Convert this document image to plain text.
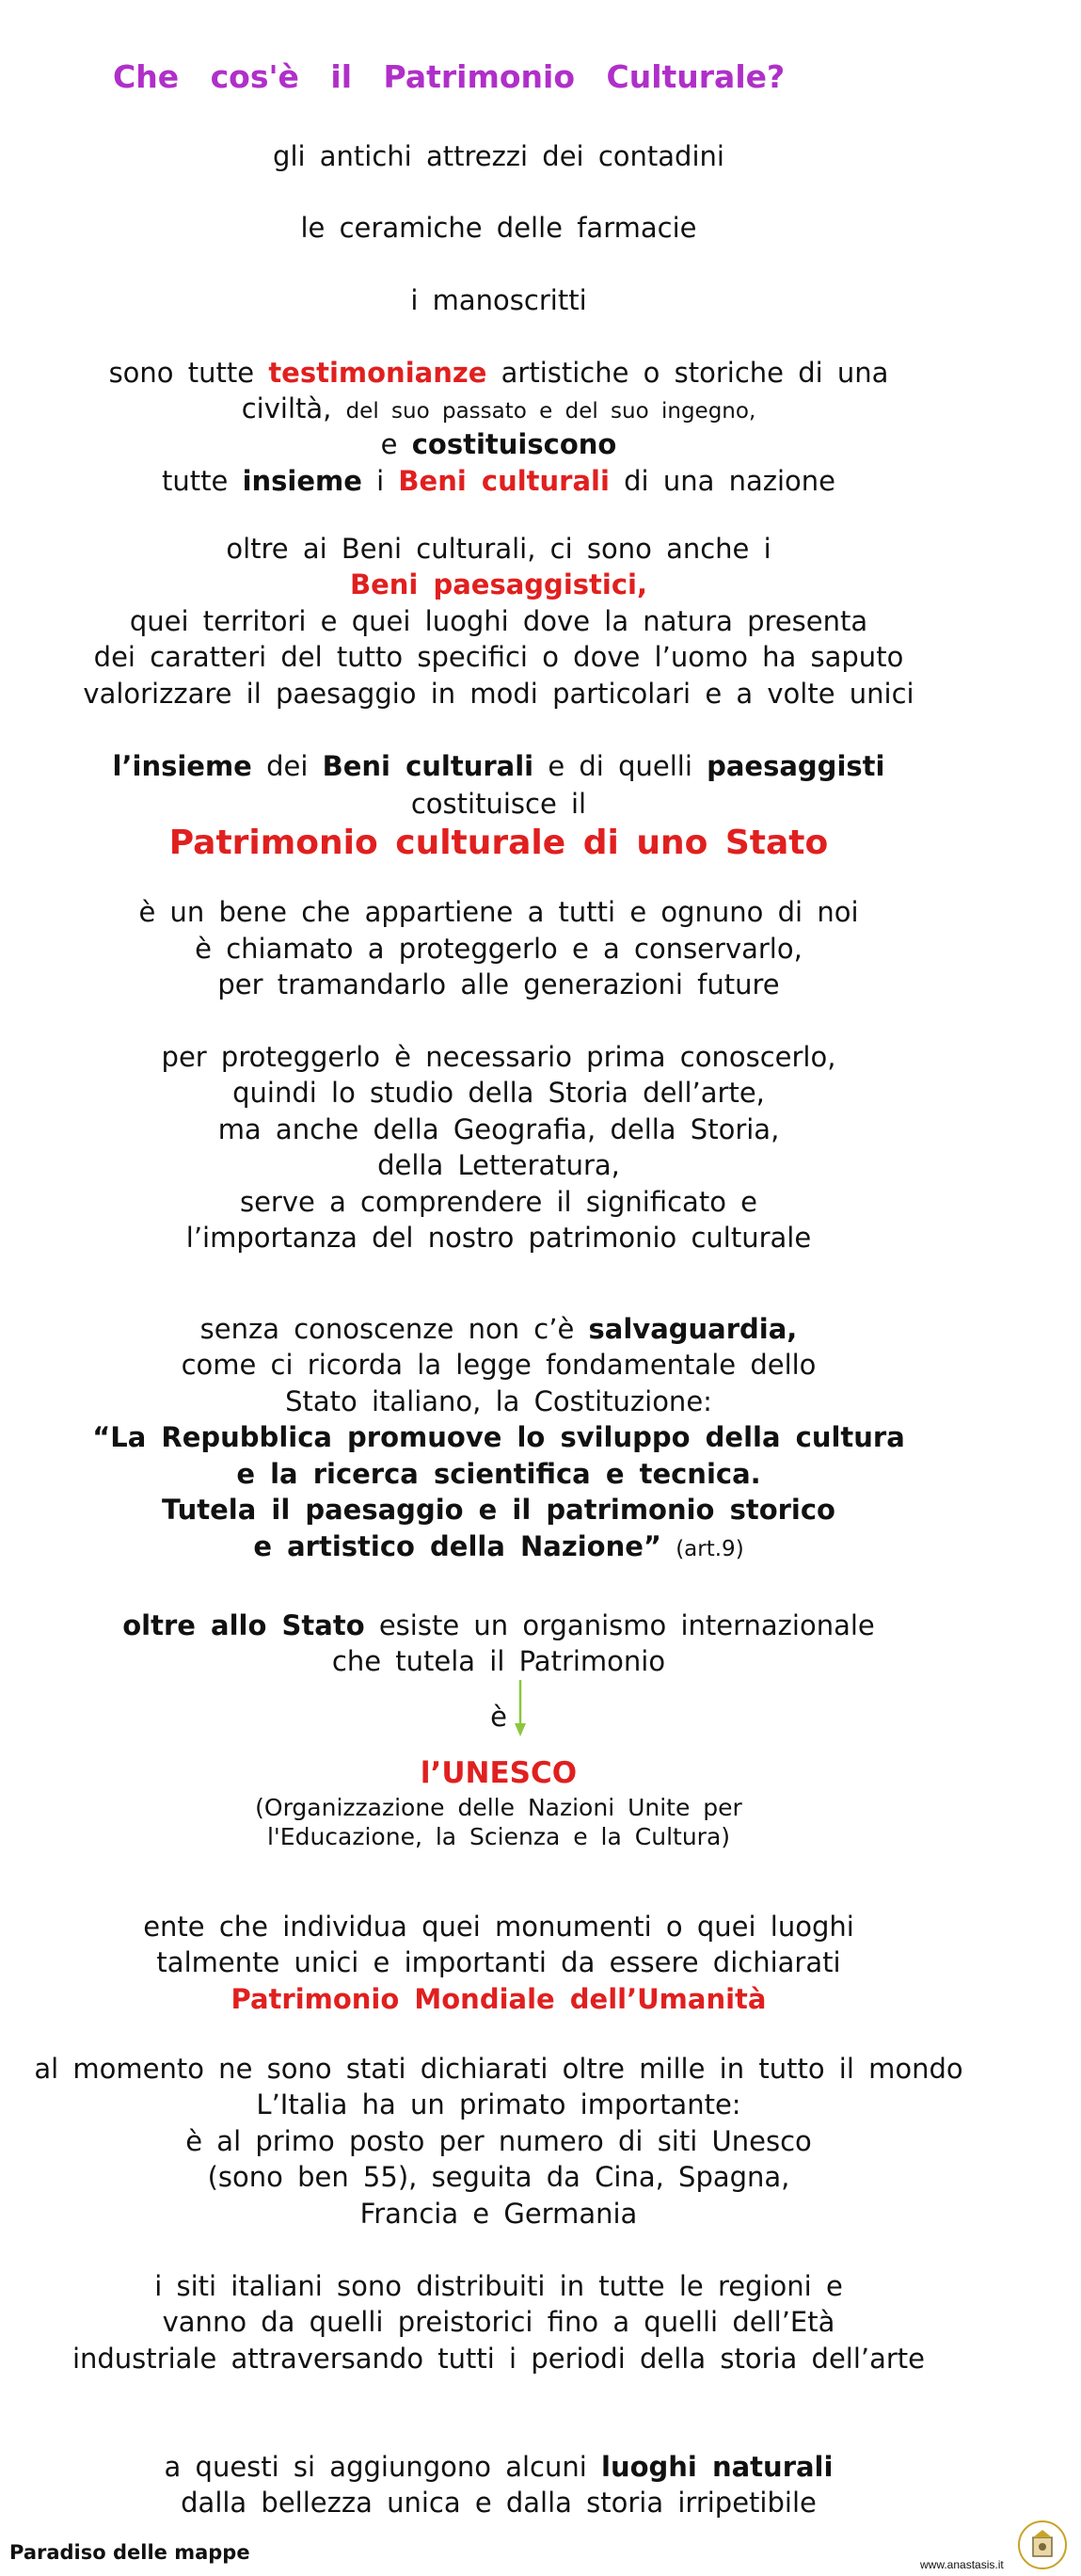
Che cos'è il Patrimonio Culturale?
gli antichi attrezzi dei contadini
le ceramiche delle farmacie
i manoscritti
sono tutte testimonianze artistiche o storiche di una
civiltà, del suo passato e del suo ingegno,
e costituiscono
tutte insieme i Beni culturali di una nazione
oltre ai Beni culturali, ci sono anche i
Beni paesaggistici,
quei territori e quei luoghi dove la natura presenta
dei caratteri del tutto specifici o dove l’uomo ha saputo
valorizzare il paesaggio in modi particolari e a volte unici
l’insieme dei Beni culturali e di quelli paesaggisti
costituisce il
Patrimonio culturale di uno Stato
è un bene che appartiene a tutti e ognuno di noi
è chiamato a proteggerlo e a conservarlo,
per tramandarlo alle generazioni future
per proteggerlo è necessario prima conoscerlo,
quindi lo studio della Storia dell’arte,
ma anche della Geografia, della Storia,
della Letteratura,
serve a comprendere il significato e
l’importanza del nostro patrimonio culturale
senza conoscenze non c’è salvaguardia,
come ci ricorda la legge fondamentale dello
Stato italiano, la Costituzione:
“La Repubblica promuove lo sviluppo della cultura
e la ricerca scientifica e tecnica.
Tutela il paesaggio e il patrimonio storico
e artistico della Nazione” (art.9)
oltre allo Stato esiste un organismo internazionale
che tutela il Patrimonio
è
l’UNESCO
(Organizzazione delle Nazioni Unite per
l'Educazione, la Scienza e la Cultura)
ente che individua quei monumenti o quei luoghi
talmente unici e importanti da essere dichiarati
Patrimonio Mondiale dell’Umanità
al momento ne sono stati dichiarati oltre mille in tutto il mondo
L’Italia ha un primato importante:
è al primo posto per numero di siti Unesco
(sono ben 55), seguita da Cina, Spagna,
Francia e Germania
i siti italiani sono distribuiti in tutte le regioni e
vanno da quelli preistorici fino a quelli dell’Età
industriale attraversando tutti i periodi della storia dell’arte
a questi si aggiungono alcuni luoghi naturali
dalla bellezza unica e dalla storia irripetibile
Paradiso delle mappe
www.anastasis.it
